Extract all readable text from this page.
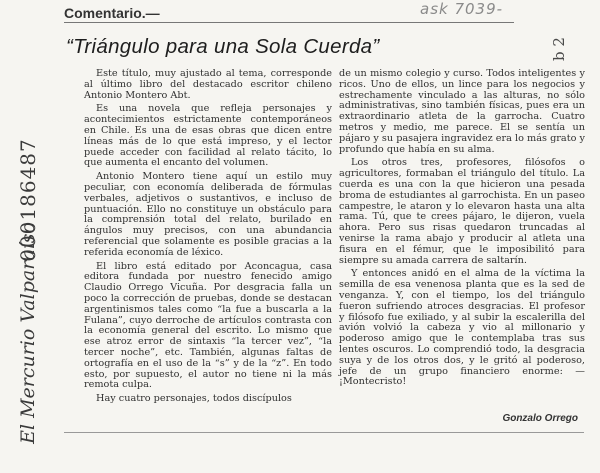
Comentario.—	ask 7039-
“Triángulo para una Sola Cuerda”
000186487
El Mercurio Valparaíso
b 2

Este título, muy ajustado al tema, corresponde al último libro del destacado escritor chileno Antonio Montero Abt.

Es una novela que refleja personajes y acontecimientos estrictamente contemporáneos en Chile. Es una de esas obras que dicen entre líneas más de lo que está impreso, y el lector puede acceder con facilidad al relato tácito, lo que aumenta el encanto del volumen.

Antonio Montero tiene aquí un estilo muy peculiar, con economía deliberada de fórmulas verbales, adjetivos o sustantivos, e incluso de puntuación. Ello no constituye un obstáculo para la comprensión total del relato, burilado en ángulos muy precisos, con una abundancia referencial que solamente es posible gracias a la referida economía de léxico.

El libro está editado por Aconcagua, casa editora fundada por nuestro fenecido amigo Claudio Orrego Vicuña. Por desgracia falla un poco la corrección de pruebas, donde se destacan argentinismos tales como “la fue a buscarla a la Fulana”, cuyo derroche de artículos contrasta con la economía general del escrito. Lo mismo que ese atroz error de sintaxis “la tercer vez”, “la tercer noche”, etc. También, algunas faltas de ortografía en el uso de la “s” y de la “z”. En todo esto, por supuesto, el autor no tiene ni la más remota culpa.

Hay cuatro personajes, todos discípulos

de un mismo colegio y curso. Todos inteligentes y ricos. Uno de ellos, un lince para los negocios y estrechamente vinculado a las alturas, no sólo administrativas, sino también físicas, pues era un extraordinario atleta de la garrocha. Cuatro metros y medio, me parece. El se sentía un pájaro y su pasajera ingravidez era lo más grato y profundo que había en su alma.

Los otros tres, profesores, filósofos o agricultores, formaban el triángulo del título. La cuerda es una con la que hicieron una pesada broma de estudiantes al garrochista. En un paseo campestre, le ataron y lo elevaron hasta una alta rama. Tú, que te crees pájaro, le dijeron, vuela ahora. Pero sus risas quedaron truncadas al venirse la rama abajo y producir al atleta una fisura en el fémur, que le imposibilitó para siempre su amada carrera de saltarín.

Y entonces anidó en el alma de la víctima la semilla de esa venenosa planta que es la sed de venganza. Y, con el tiempo, los del triángulo fueron sufriendo atroces desgracias. El profesor y filósofo fue exiliado, y al subir la escalerilla del avión volvió la cabeza y vio al millonario y poderoso amigo que le contemplaba tras sus lentes oscuros. Lo comprendió todo, la desgracia suya y de los otros dos, y le gritó al poderoso, jefe de un grupo financiero enorme: —¡Montecristo!

Gonzalo Orrego
